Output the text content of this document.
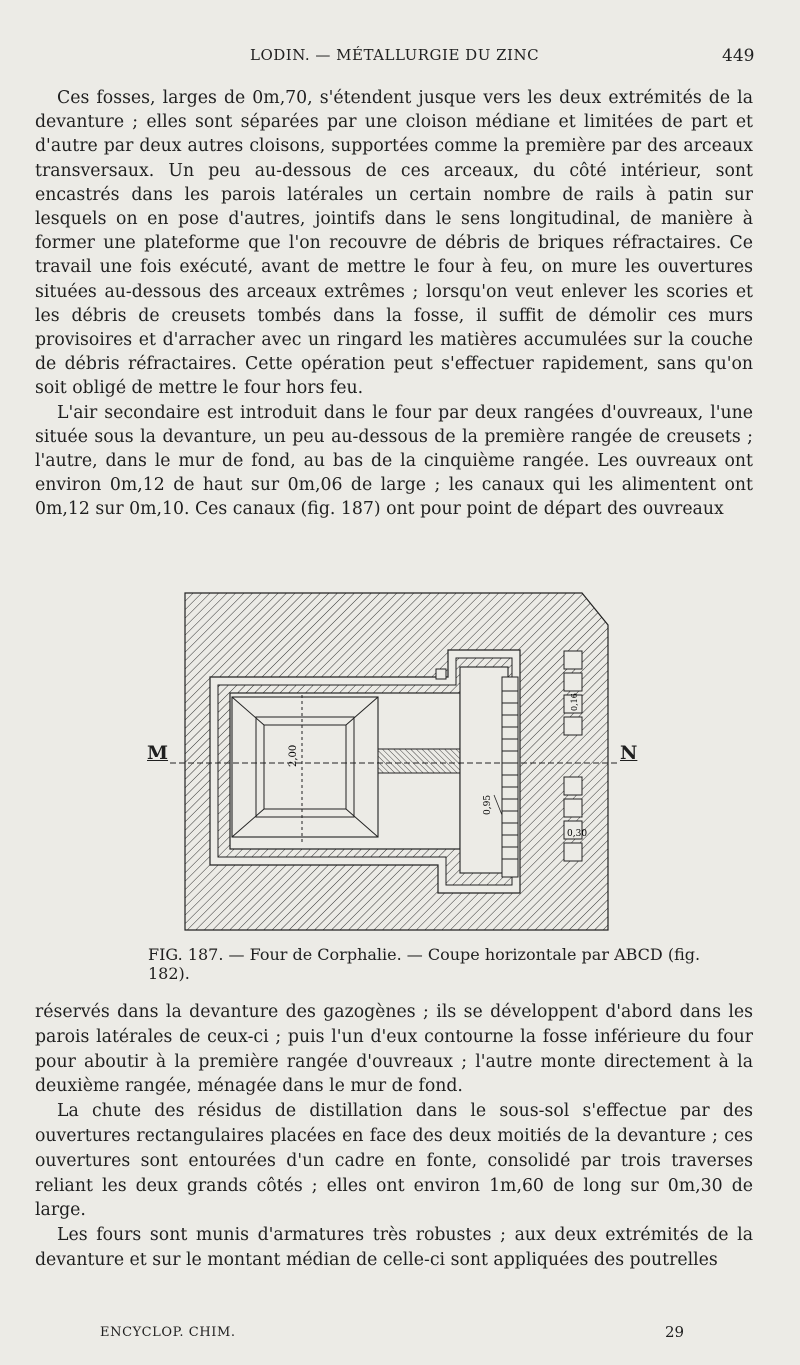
LODIN. — MÉTALLURGIE DU ZINC	449

Ces fosses, larges de 0m,70, s'étendent jusque vers les deux extrémités de la devanture ; elles sont séparées par une cloison médiane et limitées de part et d'autre par deux autres cloisons, supportées comme la première par des arceaux transversaux. Un peu au-dessous de ces arceaux, du côté intérieur, sont encastrés dans les parois latérales un certain nombre de rails à patin sur lesquels on en pose d'autres, jointifs dans le sens longitudinal, de manière à former une plateforme que l'on recouvre de débris de briques réfractaires. Ce travail une fois exécuté, avant de mettre le four à feu, on mure les ouvertures situées au-dessous des arceaux extrêmes ; lorsqu'on veut enlever les scories et les débris de creusets tombés dans la fosse, il suffit de démolir ces murs provisoires et d'arracher avec un ringard les matières accumulées sur la couche de débris réfractaires. Cette opération peut s'effectuer rapidement, sans qu'on soit obligé de mettre le four hors feu.

L'air secondaire est introduit dans le four par deux rangées d'ouvreaux, l'une située sous la devanture, un peu au-dessous de la première rangée de creusets ; l'autre, dans le mur de fond, au bas de la cinquième rangée. Les ouvreaux ont environ 0m,12 de haut sur 0m,06 de large ; les canaux qui les alimentent ont 0m,12 sur 0m,10. Ces canaux (fig. 187) ont pour point de départ des ouvreaux

2,00
0,95
0,16
0,30
M	N
FIG. 187. — Four de Corphalie. — Coupe horizontale par ABCD (fig. 182).

réservés dans la devanture des gazogènes ; ils se développent d'abord dans les parois latérales de ceux-ci ; puis l'un d'eux contourne la fosse inférieure du four pour aboutir à la première rangée d'ouvreaux ; l'autre monte directement à la deuxième rangée, ménagée dans le mur de fond.

La chute des résidus de distillation dans le sous-sol s'effectue par des ouvertures rectangulaires placées en face des deux moitiés de la devanture ; ces ouvertures sont entourées d'un cadre en fonte, consolidé par trois traverses reliant les deux grands côtés ; elles ont environ 1m,60 de long sur 0m,30 de large.

Les fours sont munis d'armatures très robustes ; aux deux extrémités de la devanture et sur le montant médian de celle-ci sont appliquées des poutrelles

ENCYCLOP. CHIM.	29
